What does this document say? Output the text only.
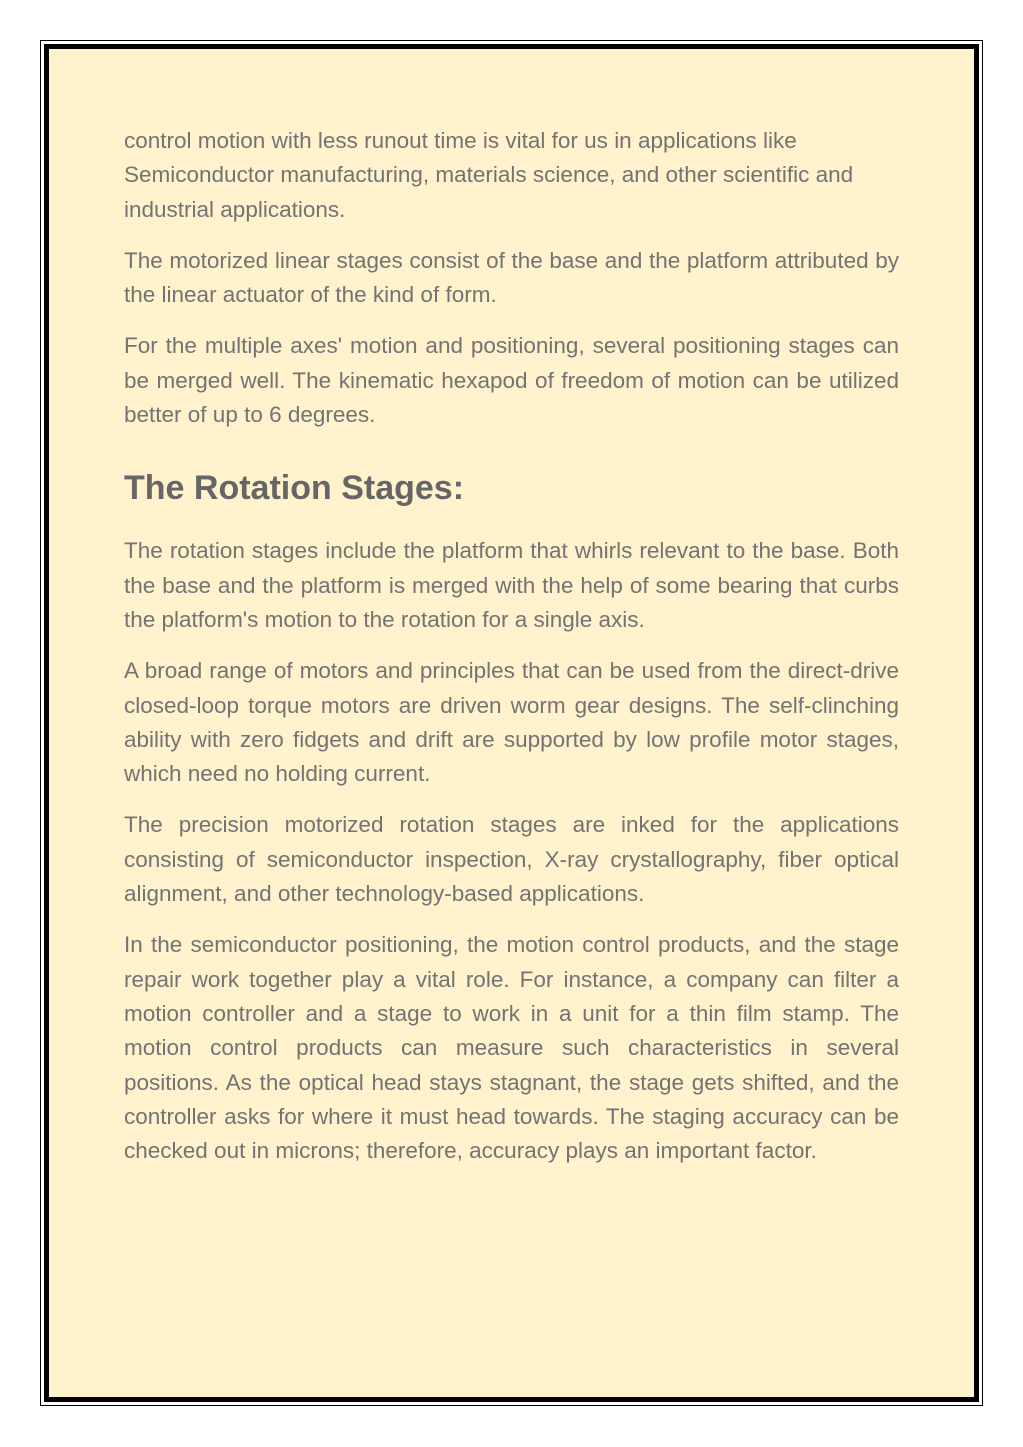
control motion with less runout time is vital for us in applications like Semiconductor manufacturing, materials science, and other scientific and industrial applications.

The motorized linear stages consist of the base and the platform attributed by the linear actuator of the kind of form.

For the multiple axes' motion and positioning, several positioning stages can be merged well. The kinematic hexapod of freedom of motion can be utilized better of up to 6 degrees.

The Rotation Stages:

The rotation stages include the platform that whirls relevant to the base. Both the base and the platform is merged with the help of some bearing that curbs the platform's motion to the rotation for a single axis.

A broad range of motors and principles that can be used from the direct-drive closed-loop torque motors are driven worm gear designs. The self-clinching ability with zero fidgets and drift are supported by low profile motor stages, which need no holding current.

The precision motorized rotation stages are inked for the applications consisting of semiconductor inspection, X-ray crystallography, fiber optical alignment, and other technology-based applications.

In the semiconductor positioning, the motion control products, and the stage repair work together play a vital role. For instance, a company can filter a motion controller and a stage to work in a unit for a thin film stamp. The motion control products can measure such characteristics in several positions. As the optical head stays stagnant, the stage gets shifted, and the controller asks for where it must head towards. The staging accuracy can be checked out in microns; therefore, accuracy plays an important factor.
